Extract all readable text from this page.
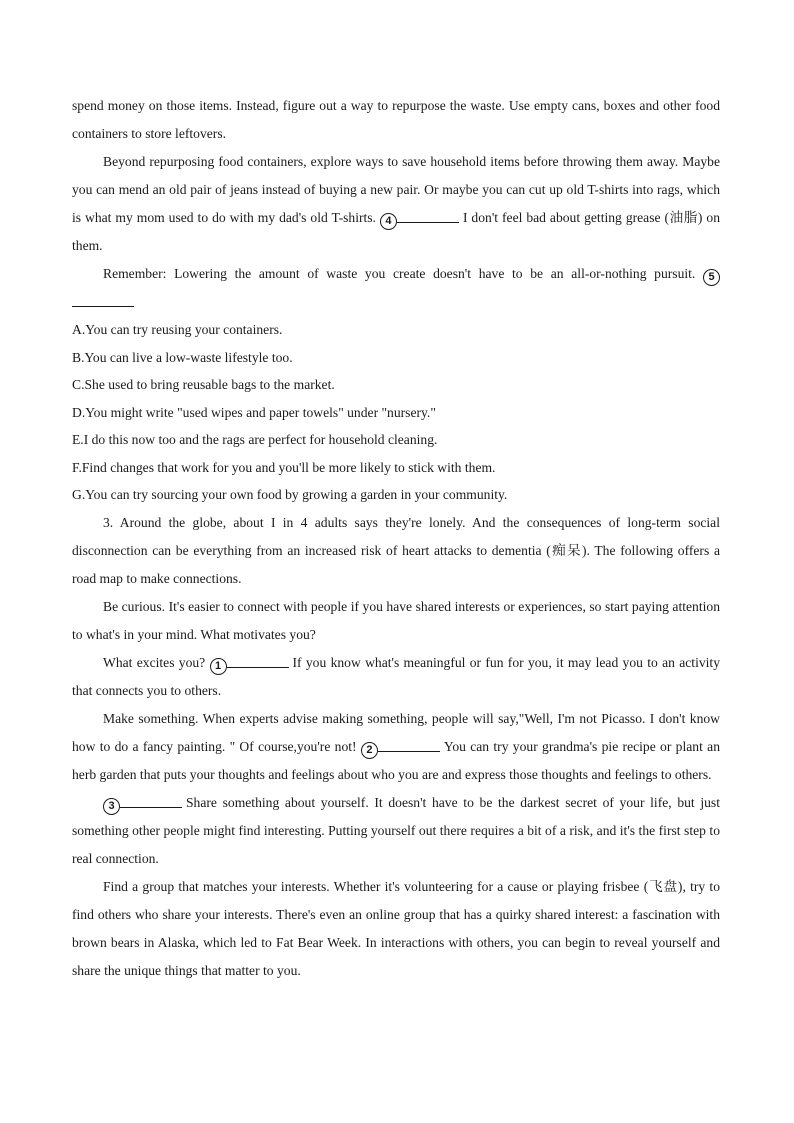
spend money on those items. Instead, figure out a way to repurpose the waste. Use empty cans, boxes and other food containers to store leftovers.

Beyond repurposing food containers, explore ways to save household items before throwing them away. Maybe you can mend an old pair of jeans instead of buying a new pair. Or maybe you can cut up old T-shirts into rags, which is what my mom used to do with my dad's old T-shirts. 4	I don't feel bad about getting grease (油脂) on them.

Remember: Lowering the amount of waste you create doesn't have to be an all-or-nothing pursuit. 5

A.You can try reusing your containers.

B.You can live a low-waste lifestyle too.

C.She used to bring reusable bags to the market.

D.You might write "used wipes and paper towels" under "nursery."

E.I do this now too and the rags are perfect for household cleaning.

F.Find changes that work for you and you'll be more likely to stick with them.

G.You can try sourcing your own food by growing a garden in your community.

3. Around the globe, about I in 4 adults says they're lonely. And the consequences of long-term social disconnection can be everything from an increased risk of heart attacks to dementia (痴呆). The following offers a road map to make connections.

Be curious. It's easier to connect with people if you have shared interests or experiences, so start paying attention to what's in your mind. What motivates you?

What excites you? 1	If you know what's meaningful or fun for you, it may lead you to an activity that connects you to others.

Make something. When experts advise making something, people will say,"Well, I'm not Picasso. I don't know how to do a fancy painting. " Of course,you're not! 2	You can try your grandma's pie recipe or plant an herb garden that puts your thoughts and feelings about who you are and express those thoughts and feelings to others.

3	Share something about yourself. It doesn't have to be the darkest secret of your life, but just something other people might find interesting. Putting yourself out there requires a bit of a risk, and it's the first step to real connection.

Find a group that matches your interests. Whether it's volunteering for a cause or playing frisbee (飞盘), try to find others who share your interests. There's even an online group that has a quirky shared interest: a fascination with brown bears in Alaska, which led to Fat Bear Week. In interactions with others, you can begin to reveal yourself and share the unique things that matter to you.
